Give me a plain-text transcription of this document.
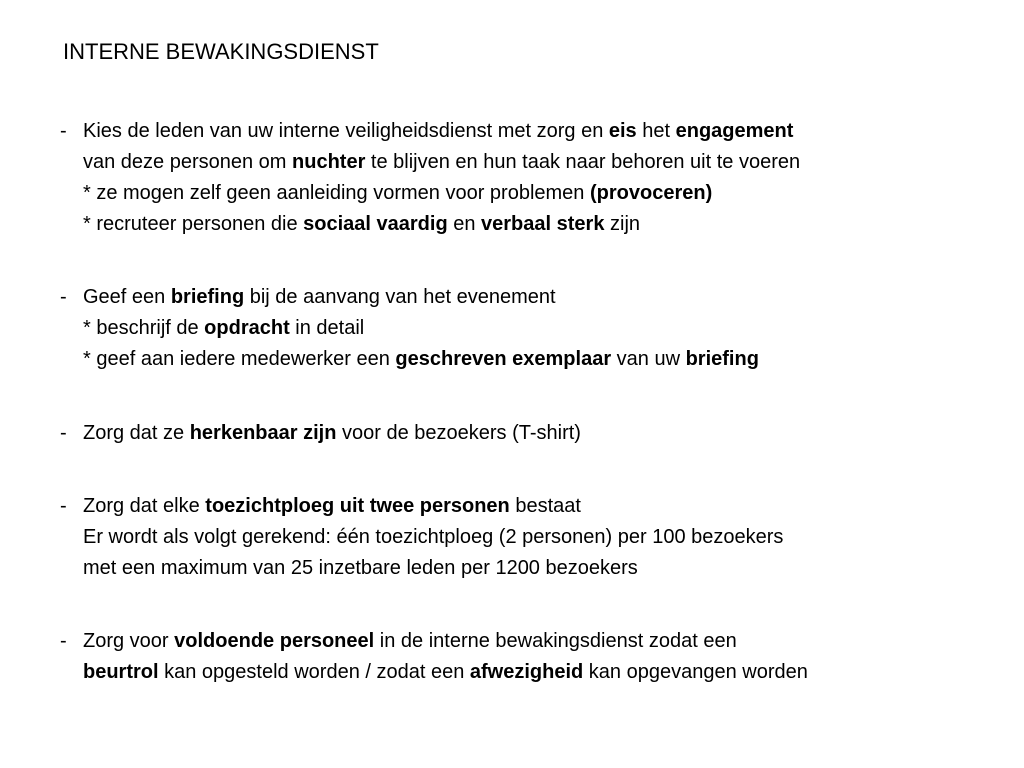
INTERNE BEWAKINGSDIENST
- Kies de leden van uw interne veiligheidsdienst met zorg en eis het engagement
van deze personen om nuchter te blijven en hun taak naar behoren uit te voeren
* ze mogen zelf geen aanleiding vormen voor problemen (provoceren)
* recruteer personen die sociaal vaardig en verbaal sterk zijn
- Geef een briefing bij de aanvang van het evenement
* beschrijf de opdracht in detail
* geef aan iedere medewerker een geschreven exemplaar van uw briefing
- Zorg dat ze herkenbaar zijn voor de bezoekers (T-shirt)
- Zorg dat elke toezichtploeg uit twee personen bestaat
Er wordt als volgt gerekend: één toezichtploeg (2 personen) per 100 bezoekers
met een maximum van 25 inzetbare leden per 1200 bezoekers
- Zorg voor voldoende personeel in de interne bewakingsdienst zodat een
beurtrol kan opgesteld worden / zodat een afwezigheid kan opgevangen worden
